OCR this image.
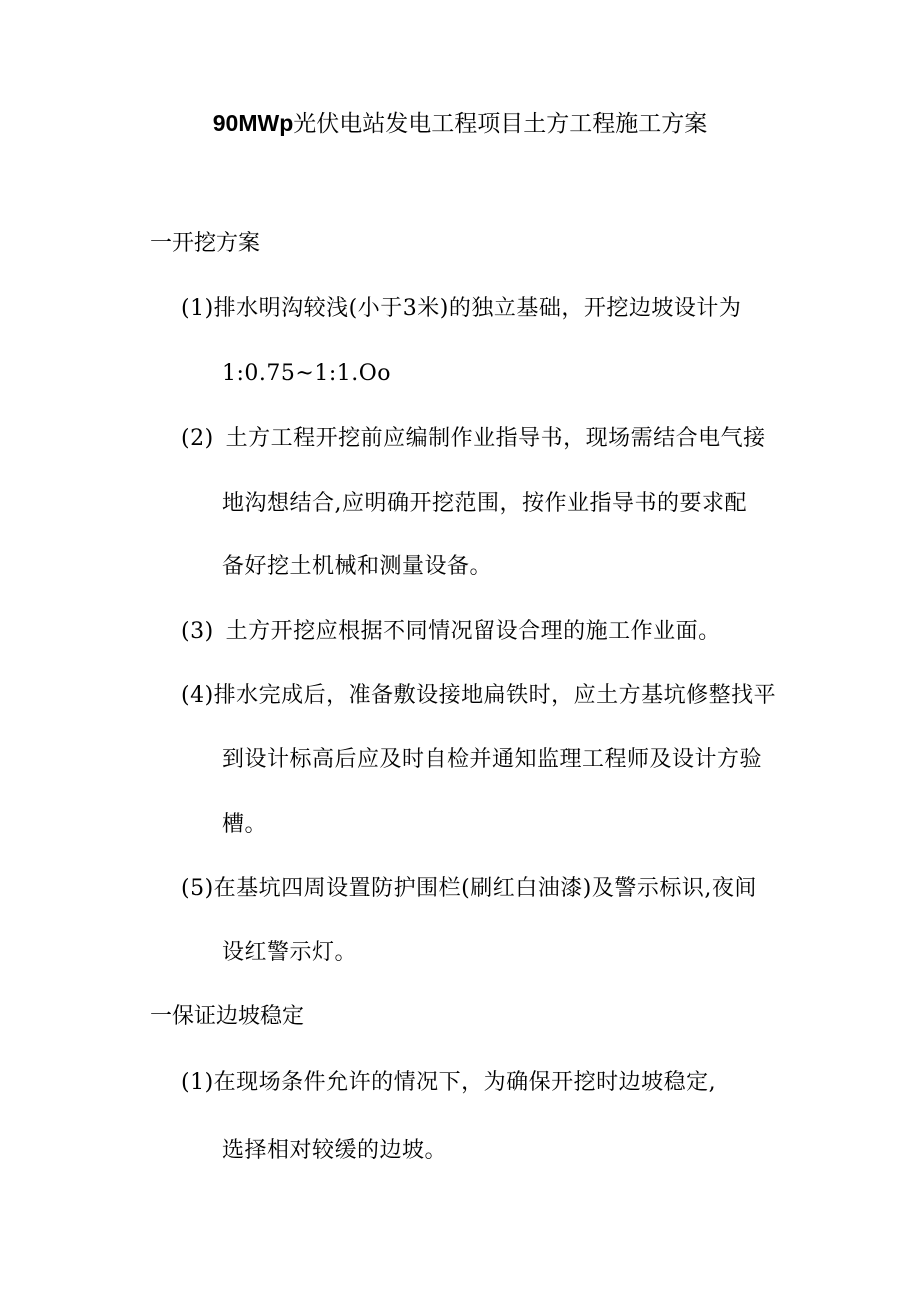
90MWp光伏电站发电工程项目土方工程施工方案
一开挖方案
(1)排水明沟较浅(小于3米)的独立基础，开挖边坡设计为
1:0.75~1:1.Oo
(2) 土方工程开挖前应编制作业指导书，现场需结合电气接
地沟想结合,应明确开挖范围，按作业指导书的要求配
备好挖土机械和测量设备。
(3) 土方开挖应根据不同情况留设合理的施工作业面。
(4)排水完成后，准备敷设接地扁铁时，应土方基坑修整找平
到设计标高后应及时自检并通知监理工程师及设计方验
槽。
(5)在基坑四周设置防护围栏(刷红白油漆)及警示标识,夜间
设红警示灯。
一保证边坡稳定
(1)在现场条件允许的情况下，为确保开挖时边坡稳定,
选择相对较缓的边坡。
